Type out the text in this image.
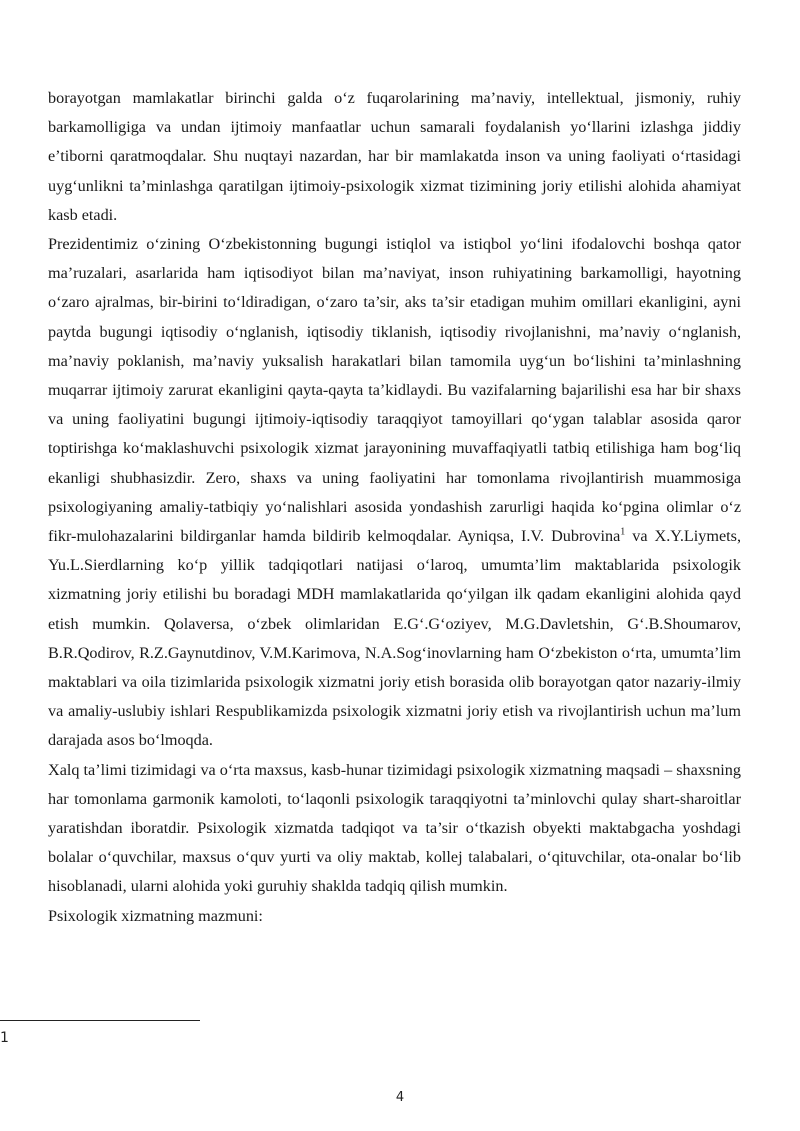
borayotgan mamlakatlar birinchi galda o‘z fuqarolarining ma’naviy, intellektual, jismoniy, ruhiy barkamolligiga va undan ijtimoiy manfaatlar uchun samarali foydalanish yo‘llarini izlashga jiddiy e’tiborni qaratmoqdalar. Shu nuqtayi nazardan, har bir mamlakatda inson va uning faoliyati o‘rtasidagi uyg‘unlikni ta’minlashga qaratilgan ijtimoiy-psixologik xizmat tizimining joriy etilishi alohida ahamiyat kasb etadi.

Prezidentimiz o‘zining O‘zbekistonning bugungi istiqlol va istiqbol yo‘lini ifodalovchi boshqa qator ma’ruzalari, asarlarida ham iqtisodiyot bilan ma’naviyat, inson ruhiyatining barkamolligi, hayotning o‘zaro ajralmas, bir-birini to‘ldiradigan, o‘zaro ta’sir, aks ta’sir etadigan muhim omillari ekanligini, ayni paytda bugungi iqtisodiy o‘nglanish, iqtisodiy tiklanish, iqtisodiy rivojlanishni, ma’naviy o‘nglanish, ma’naviy poklanish, ma’naviy yuksalish harakatlari bilan tamomila uyg‘un bo‘lishini ta’minlashning muqarrar ijtimoiy zarurat ekanligini qayta-qayta ta’kidlaydi. Bu vazifalarning bajarilishi esa har bir shaxs va uning faoliyatini bugungi ijtimoiy-iqtisodiy taraqqiyot tamoyillari qo‘ygan talablar asosida qaror toptirishga ko‘maklashuvchi psixologik xizmat jarayonining muvaffaqiyatli tatbiq etilishiga ham bog‘liq ekanligi shubhasizdir. Zero, shaxs va uning faoliyatini har tomonlama rivojlantirish muammosiga psixologiyaning amaliy-tatbiqiy yo‘nalishlari asosida yondashish zarurligi haqida ko‘pgina olimlar o‘z fikr-mulohazalarini bildirganlar hamda bildirib kelmoqdalar. Ayniqsa, I.V. Dubrovina$^1$ va X.Y.Liymets, Yu.L.Sierdlarning ko‘p yillik tadqiqotlari natijasi o‘laroq, umumta’lim maktablarida psixologik xizmatning joriy etilishi bu boradagi MDH mamlakatlarida qo‘yilgan ilk qadam ekanligini alohida qayd etish mumkin. Qolaversa, o‘zbek olimlaridan E.G‘.G‘oziyev, M.G.Davletshin, G‘.B.Shoumarov, B.R.Qodirov, R.Z.Gaynutdinov, V.M.Karimova, N.A.Sog‘inovlarning ham O‘zbekiston o‘rta, umumta’lim maktablari va oila tizimlarida psixologik xizmatni joriy etish borasida olib borayotgan qator nazariy-ilmiy va amaliy-uslubiy ishlari Respublikamizda psixologik xizmatni joriy etish va rivojlantirish uchun ma’lum darajada asos bo‘lmoqda.

Xalq ta’limi tizimidagi va o‘rta maxsus, kasb-hunar tizimidagi psixologik xizmatning maqsadi – shaxsning har tomonlama garmonik kamoloti, to‘laqonli psixologik taraqqiyotni ta’minlovchi qulay shart-sharoitlar yaratishdan iboratdir. Psixologik xizmatda tadqiqot va ta’sir o‘tkazish obyekti maktabgacha yoshdagi bolalar o‘quvchilar, maxsus o‘quv yurti va oliy maktab, kollej talabalari, o‘qituvchilar, ota-onalar bo‘lib hisoblanadi, ularni alohida yoki guruhiy shaklda tadqiq qilish mumkin.

Psixologik xizmatning mazmuni:

1
4
